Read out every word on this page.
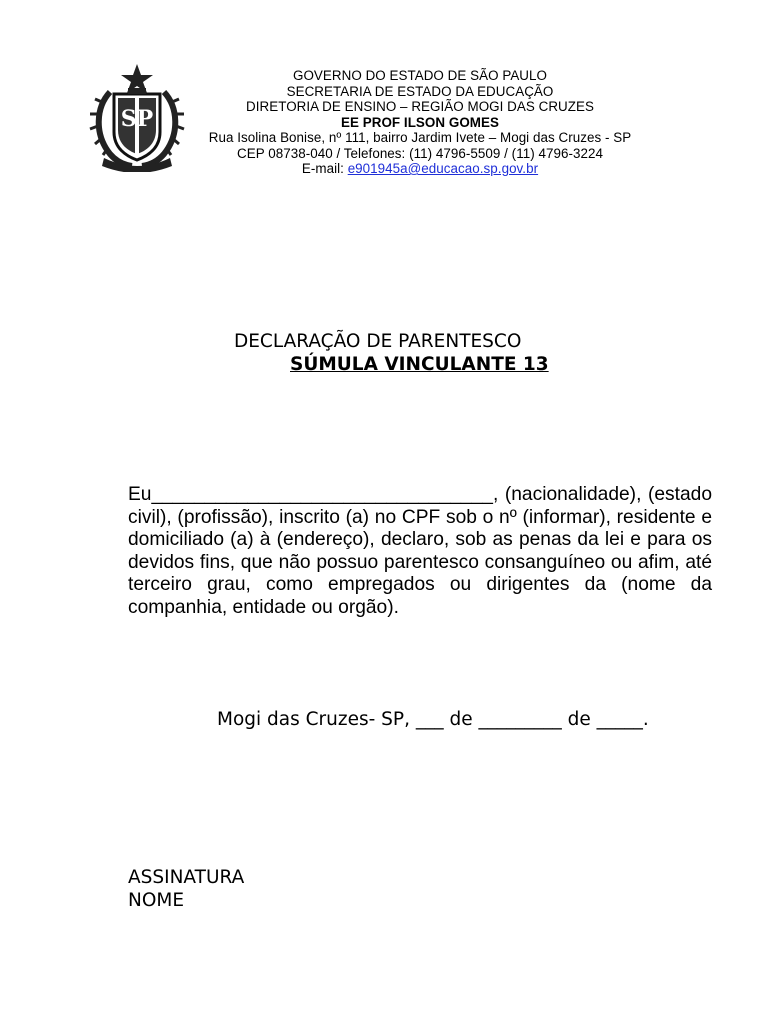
SP
GOVERNO DO ESTADO DE SÃO PAULO
SECRETARIA DE ESTADO DA EDUCAÇÃO
DIRETORIA DE ENSINO – REGIÃO MOGI DAS CRUZES
EE PROF ILSON GOMES
Rua Isolina Bonise, nº 111, bairro Jardim Ivete – Mogi das Cruzes - SP
CEP 08738-040 / Telefones: (11) 4796-5509 / (11) 4796-3224
E-mail: e901945a@educacao.sp.gov.br
DECLARAÇÃO DE PARENTESCO
SÚMULA VINCULANTE 13
Eu________________________________, (nacionalidade), (estado civil), (profissão), inscrito (a) no CPF sob o nº (informar), residente e domiciliado (a) à (endereço), declaro, sob as penas da lei e para os devidos fins, que não possuo parentesco consanguíneo ou afim, até terceiro grau, como empregados ou dirigentes da (nome da companhia, entidade ou orgão).
Mogi das Cruzes- SP, ___ de _________ de _____.
ASSINATURA
NOME
